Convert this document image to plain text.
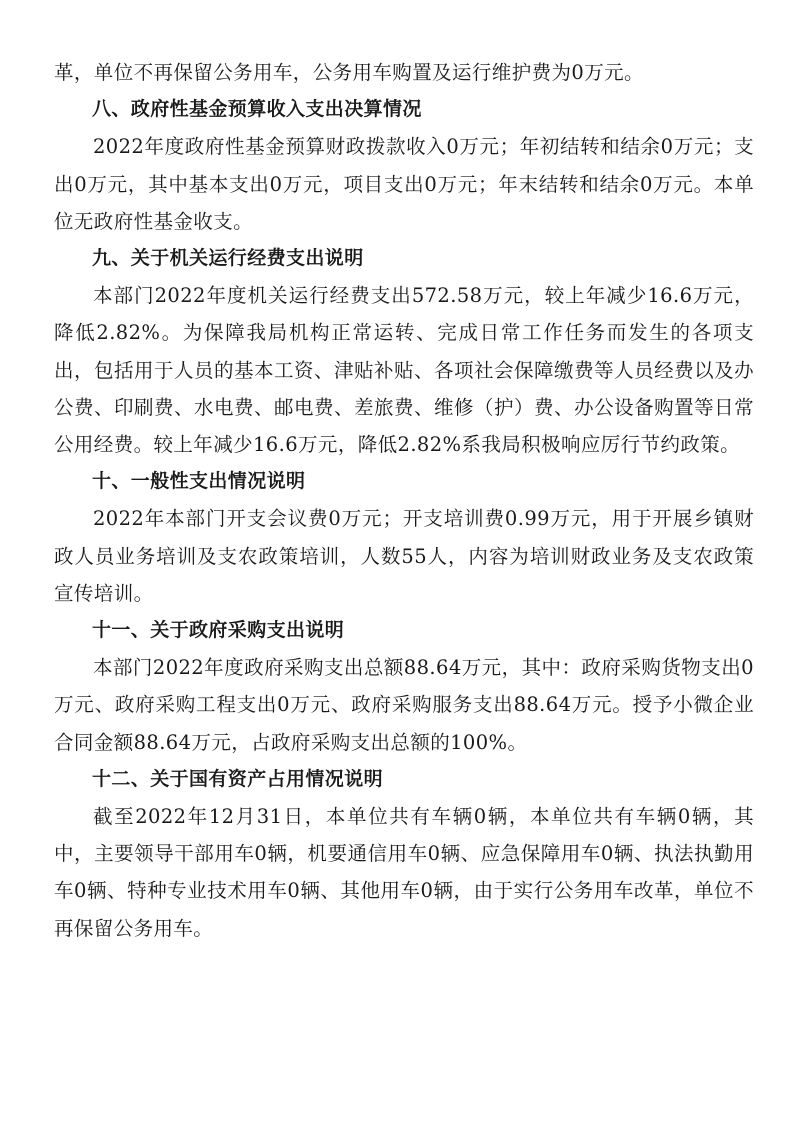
革，单位不再保留公务用车，公务用车购置及运行维护费为0万元。

八、政府性基金预算收入支出决算情况

2022年度政府性基金预算财政拨款收入0万元；年初结转和结余0万元；支出0万元，其中基本支出0万元，项目支出0万元；年末结转和结余0万元。本单位无政府性基金收支。

九、关于机关运行经费支出说明

本部门2022年度机关运行经费支出572.58万元，较上年减少16.6万元，降低2.82%。为保障我局机构正常运转、完成日常工作任务而发生的各项支出，包括用于人员的基本工资、津贴补贴、各项社会保障缴费等人员经费以及办公费、印刷费、水电费、邮电费、差旅费、维修（护）费、办公设备购置等日常公用经费。较上年减少16.6万元，降低2.82%系我局积极响应厉行节约政策。

十、一般性支出情况说明

2022年本部门开支会议费0万元；开支培训费0.99万元，用于开展乡镇财政人员业务培训及支农政策培训，人数55人，内容为培训财政业务及支农政策宣传培训。

十一、关于政府采购支出说明

本部门2022年度政府采购支出总额88.64万元，其中：政府采购货物支出0万元、政府采购工程支出0万元、政府采购服务支出88.64万元。授予小微企业合同金额88.64万元，占政府采购支出总额的100%。

十二、关于国有资产占用情况说明

截至2022年12月31日，本单位共有车辆0辆，本单位共有车辆0辆，其中，主要领导干部用车0辆，机要通信用车0辆、应急保障用车0辆、执法执勤用车0辆、特种专业技术用车0辆、其他用车0辆，由于实行公务用车改革，单位不再保留公务用车。
